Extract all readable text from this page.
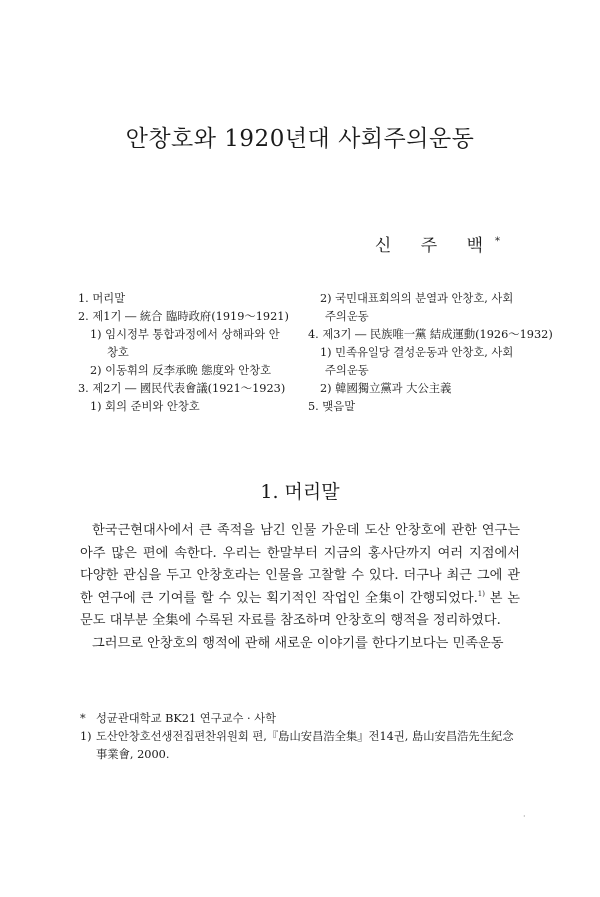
안창호와 1920년대 사회주의운동
신 주 백*
1. 머리말
2. 제1기 ― 統合 臨時政府(1919～1921)
1) 임시정부 통합과정에서 상해파와 안
창호
2) 이동휘의 反李承晩 態度와 안창호
3. 제2기 ― 國民代表會議(1921～1923)
1) 회의 준비와 안창호
2) 국민대표회의의 분열과 안창호, 사회
주의운동
4. 제3기 ― 民族唯一黨 結成運動(1926～1932)
1) 민족유일당 결성운동과 안창호, 사회
주의운동
2) 韓國獨立黨과 大公主義
5. 맺음말
1. 머리말

한국근현대사에서 큰 족적을 남긴 인물 가운데 도산 안창호에 관한 연구는 아주 많은 편에 속한다. 우리는 한말부터 지금의 홍사단까지 여러 지점에서 다양한 관심을 두고 안창호라는 인물을 고찰할 수 있다. 더구나 최근 그에 관한 연구에 큰 기여를 할 수 있는 획기적인 작업인 全集이 간행되었다.$^{1)}$ 본 논문도 대부분 全集에 수록된 자료를 참조하며 안창호의 행적을 정리하였다.

그러므로 안창호의 행적에 관해 새로운 이야기를 한다기보다는 민족운동

* 성균관대학교 BK21 연구교수 · 사학
1) 도산안창호선생전집편찬위원회 편,『島山安昌浩全集』전14권, 島山安昌浩先生紀念事業會, 2000.
·
